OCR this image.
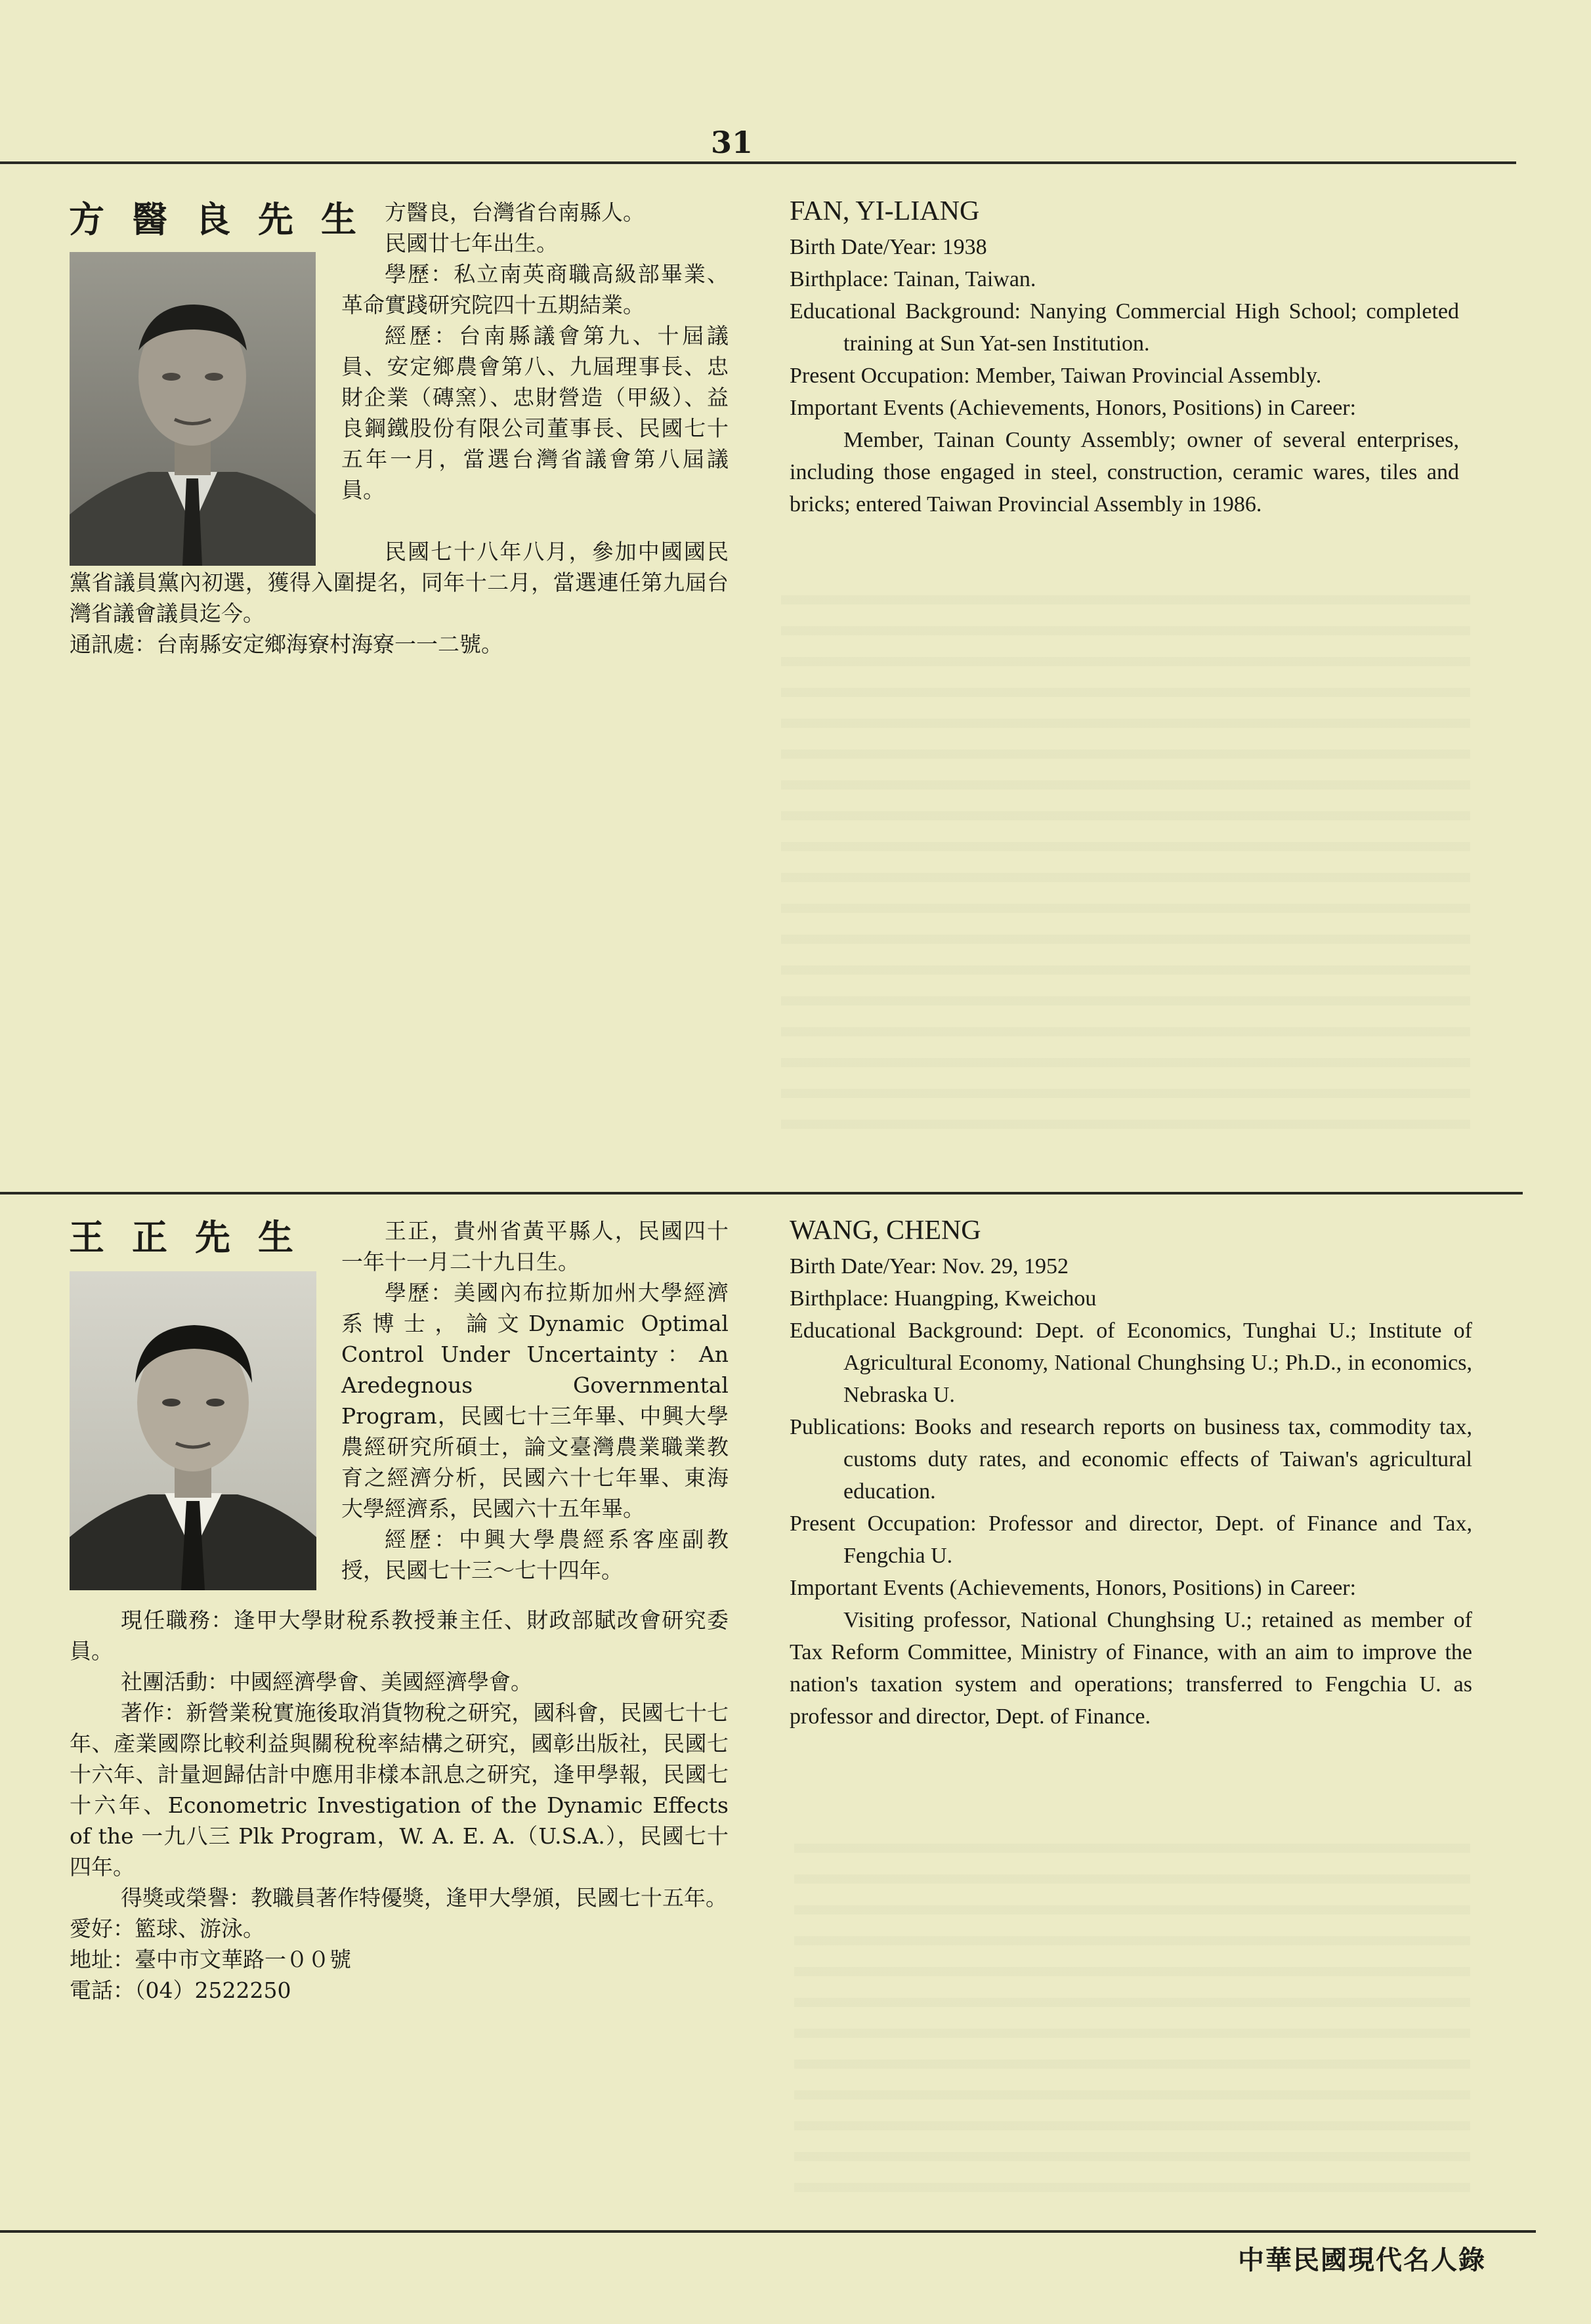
31
方醫良先生 方醫良，台灣省台南縣人。

民國廿七年出生。

學歷：私立南英商職高級部畢業、革命實踐研究院四十五期結業。

經歷：台南縣議會第九、十屆議員、安定鄉農會第八、九屆理事長、忠財企業（磚窯）、忠財營造（甲級）、益良鋼鐵股份有限公司董事長、民國七十五年一月，當選台灣省議會第八屆議員。

民國七十八年八月，參加中國國民黨省議員黨內初選，獲得入圍提名，同年十二月，當選連任第九屆台灣省議會議員迄今。

通訊處：台南縣安定鄉海寮村海寮一一二號。

FAN, YI-LIANG

Birth Date/Year: 1938

Birthplace: Tainan, Taiwan.

Educational Background: Nanying Commercial High School; completed training at Sun Yat-sen Institution.

Present Occupation: Member, Taiwan Provincial Assembly.

Important Events (Achievements, Honors, Positions) in Career:

Member, Tainan County Assembly; owner of several enterprises, including those engaged in steel, construction, ceramic wares, tiles and bricks; entered Taiwan Provincial Assembly in 1986.

王正先生	王正，貴州省黃平縣人，民國四十一年十一月二十九日生。

學歷：美國內布拉斯加州大學經濟系博士，論文Dynamic Optimal Control Under Uncertainty：An Aredegnous Governmental Program，民國七十三年畢、中興大學農經研究所碩士，論文臺灣農業職業教育之經濟分析，民國六十七年畢、東海大學經濟系，民國六十五年畢。

經歷：中興大學農經系客座副教授，民國七十三～七十四年。

現任職務：逢甲大學財稅系教授兼主任、財政部賦改會研究委員。

社團活動：中國經濟學會、美國經濟學會。

著作：新營業稅實施後取消貨物稅之研究，國科會，民國七十七年、產業國際比較利益與關稅稅率結構之研究，國彰出版社，民國七十六年、計量迴歸估計中應用非樣本訊息之研究，逢甲學報，民國七十六年、Econometric Investigation of the Dynamic Effects of the 一九八三 Plk Program，W. A. E. A.（U.S.A.），民國七十四年。

得獎或榮譽：教職員著作特優獎，逢甲大學頒，民國七十五年。

愛好：籃球、游泳。

地址：臺中市文華路一００號

電話：（04）2522250

WANG, CHENG

Birth Date/Year: Nov. 29, 1952

Birthplace: Huangping, Kweichou

Educational Background: Dept. of Economics, Tunghai U.; Institute of Agricultural Economy, National Chunghsing U.; Ph.D., in economics, Nebraska U.

Publications: Books and research reports on business tax, commodity tax, customs duty rates, and economic effects of Taiwan's agricultural education.

Present Occupation: Professor and director, Dept. of Finance and Tax, Fengchia U.

Important Events (Achievements, Honors, Positions) in Career:

Visiting professor, National Chunghsing U.; retained as member of Tax Reform Committee, Ministry of Finance, with an aim to improve the nation's taxation system and operations; transferred to Fengchia U. as professor and director, Dept. of Finance.

中華民國現代名人錄
